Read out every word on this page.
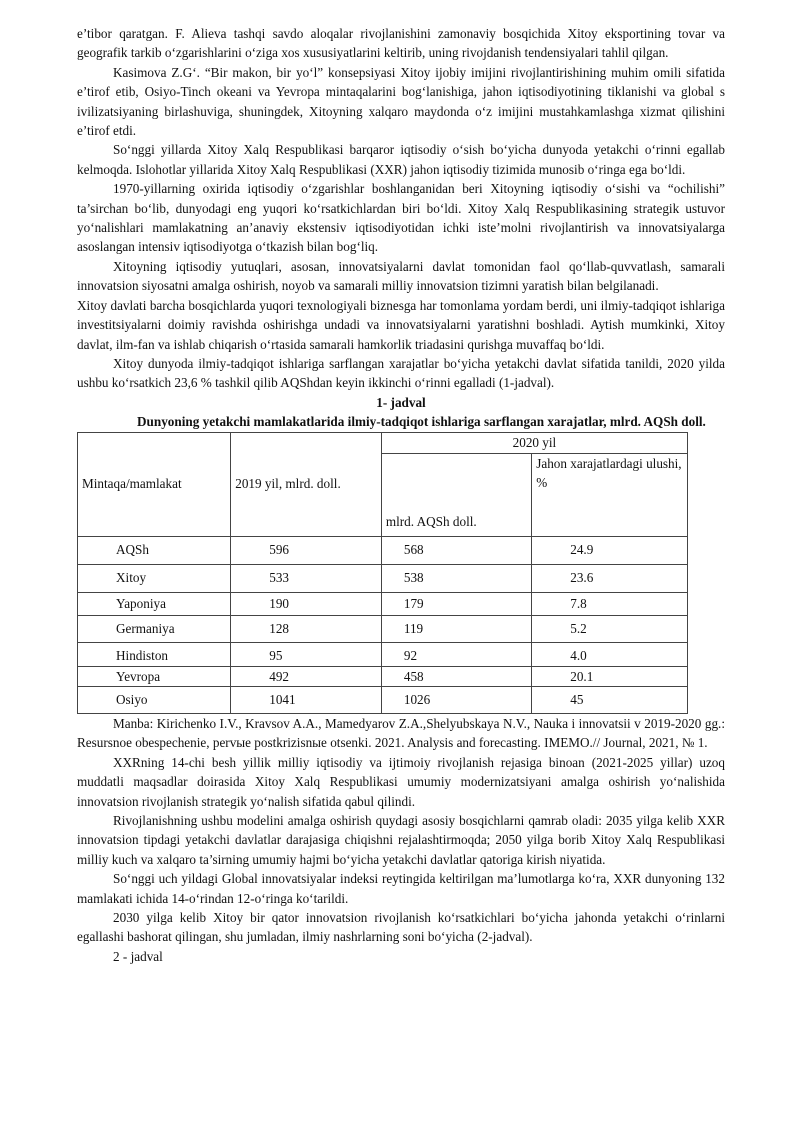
e’tibor qaratgan. F. Alieva tashqi savdo aloqalar rivojlanishini zamonaviy bosqichida Xitoy eksportining tovar va geografik tarkib o‘zgarishlarini o‘ziga xos xususiyatlarini keltirib, uning rivojdanish tendensiyalari tahlil qilgan.

Kasimova Z.G‘. “Bir makon, bir yo‘l” konsepsiyasi Xitoy ijobiy imijini rivojlantirishining muhim omili sifatida e’tirof etib, Osiyo-Tinch okeani va Yevropa mintaqalarini bog‘lanishiga, jahon iqtisodiyotining tiklanishi va global s ivilizatsiyaning birlashuviga, shuningdek, Xitoyning xalqaro maydonda o‘z imijini mustahkamlashga xizmat qilishini e’tirof etdi.

So‘nggi yillarda Xitoy Xalq Respublikasi barqaror iqtisodiy o‘sish bo‘yicha dunyoda yetakchi o‘rinni egallab kelmoqda. Islohotlar yillarida Xitoy Xalq Respublikasi (XXR) jahon iqtisodiy tizimida munosib o‘ringa ega bo‘ldi.

1970-yillarning oxirida iqtisodiy o‘zgarishlar boshlanganidan beri Xitoyning iqtisodiy o‘sishi va “ochilishi” ta’sirchan bo‘lib, dunyodagi eng yuqori ko‘rsatkichlardan biri bo‘ldi. Xitoy Xalq Respublikasining strategik ustuvor yo‘nalishlari mamlakatning an’anaviy ekstensiv iqtisodiyotidan ichki iste’molni rivojlantirish va innovatsiyalarga asoslangan intensiv iqtisodiyotga o‘tkazish bilan bog‘liq.

Xitoyning iqtisodiy yutuqlari, asosan, innovatsiyalarni davlat tomonidan faol qo‘llab-quvvatlash, samarali innovatsion siyosatni amalga oshirish, noyob va samarali milliy innovatsion tizimni yaratish bilan belgilanadi.

Xitoy davlati barcha bosqichlarda yuqori texnologiyali biznesga har tomonlama yordam berdi, uni ilmiy-tadqiqot ishlariga investitsiyalarni doimiy ravishda oshirishga undadi va innovatsiyalarni yaratishni boshladi. Aytish mumkinki, Xitoy davlat, ilm-fan va ishlab chiqarish o‘rtasida samarali hamkorlik triadasini qurishga muvaffaq bo‘ldi.

Xitoy dunyoda ilmiy-tadqiqot ishlariga sarflangan xarajatlar bo‘yicha yetakchi davlat sifatida tanildi, 2020 yilda ushbu ko‘rsatkich 23,6 % tashkil qilib AQShdan keyin ikkinchi o‘rinni egalladi (1-jadval).

1- jadval

Dunyoning yetakchi mamlakatlarida ilmiy-tadqiqot ishlariga sarflangan xarajatlar, mlrd. AQSh doll.

Mintaqa/mamlakat	2019 yil, mlrd. doll.	2020 yil	
		mlrd. AQSh doll.	Jahon xarajatlardagi ulushi, %
AQSh	596	568	24.9
Xitoy	533	538	23.6
Yaponiya	190	179	7.8
Germaniya	128	119	5.2
Hindiston	95	92	4.0
Yevropa	492	458	20.1
Osiyo	1041	1026	45

Manba: Kirichenko I.V., Kravsov A.A., Mamedyarov Z.A.,Shelyubskaya N.V., Nauka i innovatsii v 2019-2020 gg.: Resursnoe obespechenie, pervыe postkrizisnыe otsenki. 2021. Analysis and forecasting. IMEMO.// Journal, 2021, № 1.

XXRning 14-chi besh yillik milliy iqtisodiy va ijtimoiy rivojlanish rejasiga binoan (2021-2025 yillar) uzoq muddatli maqsadlar doirasida Xitoy Xalq Respublikasi umumiy modernizatsiyani amalga oshirish yo‘nalishida innovatsion rivojlanish strategik yo‘nalish sifatida qabul qilindi.

Rivojlanishning ushbu modelini amalga oshirish quydagi asosiy bosqichlarni qamrab oladi: 2035 yilga kelib XXR innovatsion tipdagi yetakchi davlatlar darajasiga chiqishni rejalashtirmoqda; 2050 yilga borib Xitoy Xalq Respublikasi milliy kuch va xalqaro ta’sirning umumiy hajmi bo‘yicha yetakchi davlatlar qatoriga kirish niyatida.

So‘nggi uch yildagi Global innovatsiyalar indeksi reytingida keltirilgan ma’lumotlarga ko‘ra, XXR dunyoning 132 mamlakati ichida 14-o‘rindan 12-o‘ringa ko‘tarildi.

2030 yilga kelib Xitoy bir qator innovatsion rivojlanish ko‘rsatkichlari bo‘yicha jahonda yetakchi o‘rinlarni egallashi bashorat qilingan, shu jumladan, ilmiy nashrlarning soni bo‘yicha (2-jadval).

2 - jadval
